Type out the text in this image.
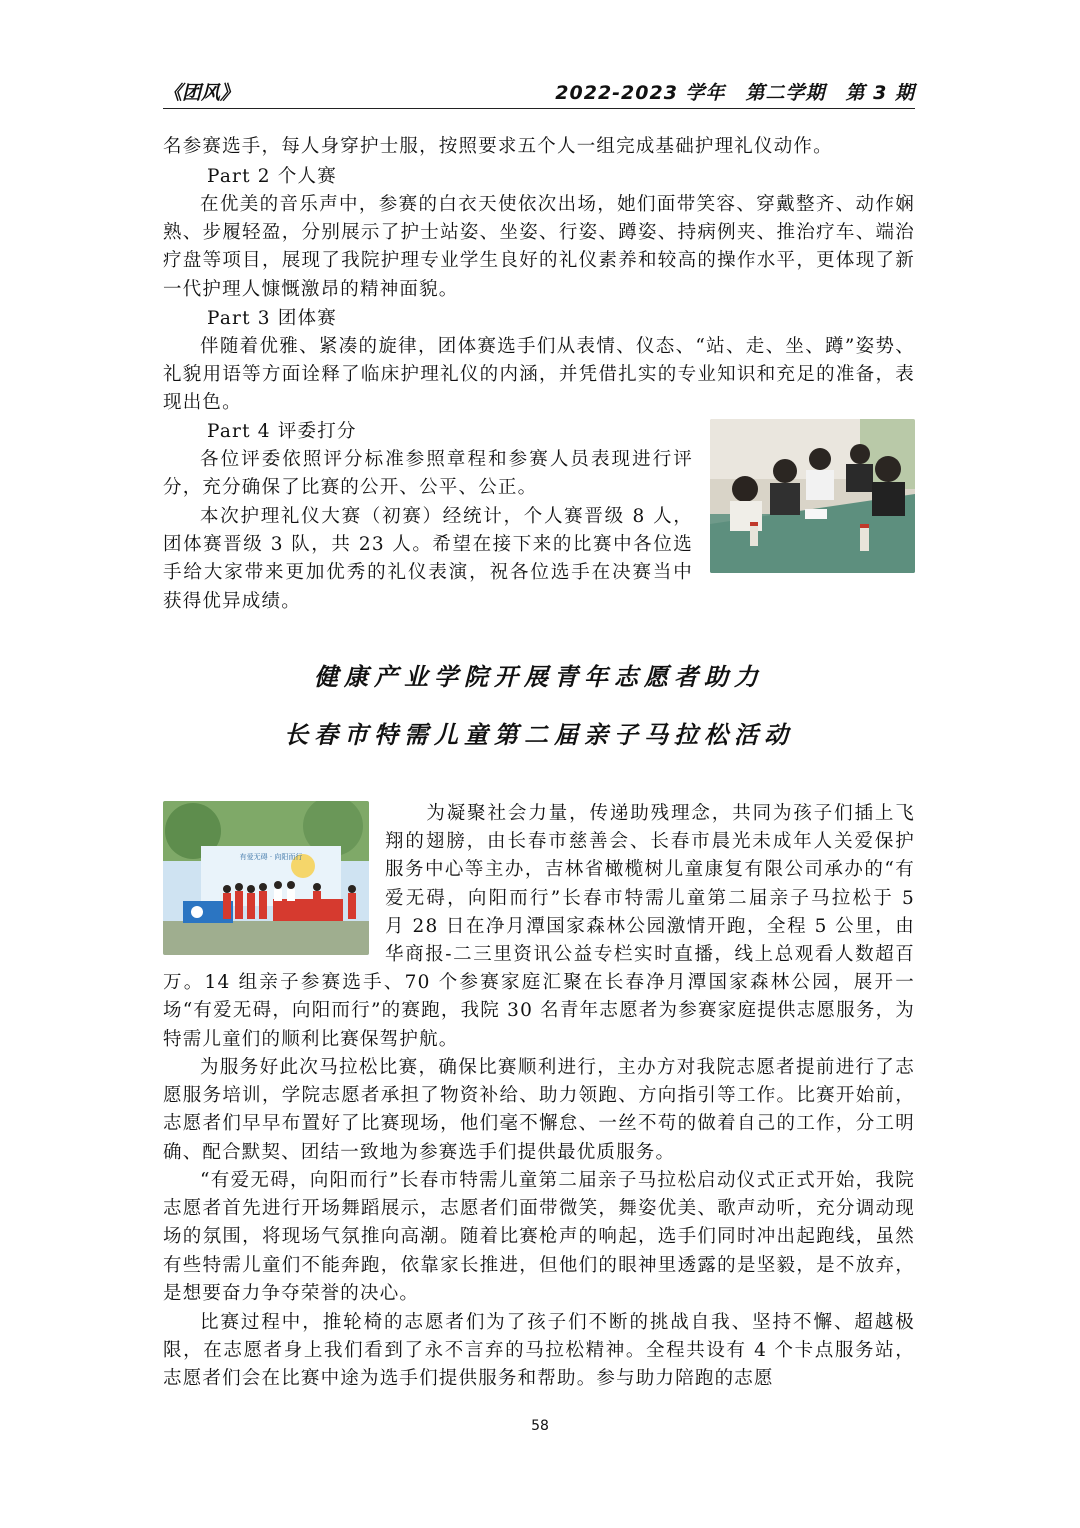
《团风》	2022-2023 学年　第二学期　第 3 期

名参赛选手，每人身穿护士服，按照要求五个人一组完成基础护理礼仪动作。

Part 2 个人赛

在优美的音乐声中，参赛的白衣天使依次出场，她们面带笑容、穿戴整齐、动作娴熟、步履轻盈，分别展示了护士站姿、坐姿、行姿、蹲姿、持病例夹、推治疗车、端治疗盘等项目，展现了我院护理专业学生良好的礼仪素养和较高的操作水平，更体现了新一代护理人慷慨激昂的精神面貌。

Part 3 团体赛

伴随着优雅、紧凑的旋律，团体赛选手们从表情、仪态、“站、走、坐、蹲”姿势、礼貌用语等方面诠释了临床护理礼仪的内涵，并凭借扎实的专业知识和充足的准备，表现出色。

Part 4 评委打分

各位评委依照评分标准参照章程和参赛人员表现进行评分，充分确保了比赛的公开、公平、公正。

本次护理礼仪大赛（初赛）经统计，个人赛晋级 8 人，团体赛晋级 3 队，共 23 人。希望在接下来的比赛中各位选手给大家带来更加优秀的礼仪表演，祝各位选手在决赛当中获得优异成绩。

健康产业学院开展青年志愿者助力
长春市特需儿童第二届亲子马拉松活动
有爱无碍 · 向阳而行
为凝聚社会力量，传递助残理念，共同为孩子们插上飞翔的翅膀，由长春市慈善会、长春市晨光未成年人关爱保护服务中心等主办，吉林省橄榄树儿童康复有限公司承办的“有爱无碍，向阳而行”长春市特需儿童第二届亲子马拉松于 5 月 28 日在净月潭国家森林公园激情开跑，全程 5 公里，由华商报-二三里资讯公益专栏实时直播，线上总观看人数超百万。14 组亲子参赛选手、70 个参赛家庭汇聚在长春净月潭国家森林公园，展开一场“有爱无碍，向阳而行”的赛跑，我院 30 名青年志愿者为参赛家庭提供志愿服务，为特需儿童们的顺利比赛保驾护航。

为服务好此次马拉松比赛，确保比赛顺利进行，主办方对我院志愿者提前进行了志愿服务培训，学院志愿者承担了物资补给、助力领跑、方向指引等工作。比赛开始前，志愿者们早早布置好了比赛现场，他们毫不懈怠、一丝不苟的做着自己的工作，分工明确、配合默契、团结一致地为参赛选手们提供最优质服务。

“有爱无碍，向阳而行”长春市特需儿童第二届亲子马拉松启动仪式正式开始，我院志愿者首先进行开场舞蹈展示，志愿者们面带微笑，舞姿优美、歌声动听，充分调动现场的氛围，将现场气氛推向高潮。随着比赛枪声的响起，选手们同时冲出起跑线，虽然有些特需儿童们不能奔跑，依靠家长推进，但他们的眼神里透露的是坚毅，是不放弃，是想要奋力争夺荣誉的决心。

比赛过程中，推轮椅的志愿者们为了孩子们不断的挑战自我、坚持不懈、超越极限，在志愿者身上我们看到了永不言弃的马拉松精神。全程共设有 4 个卡点服务站，志愿者们会在比赛中途为选手们提供服务和帮助。参与助力陪跑的志愿

58
